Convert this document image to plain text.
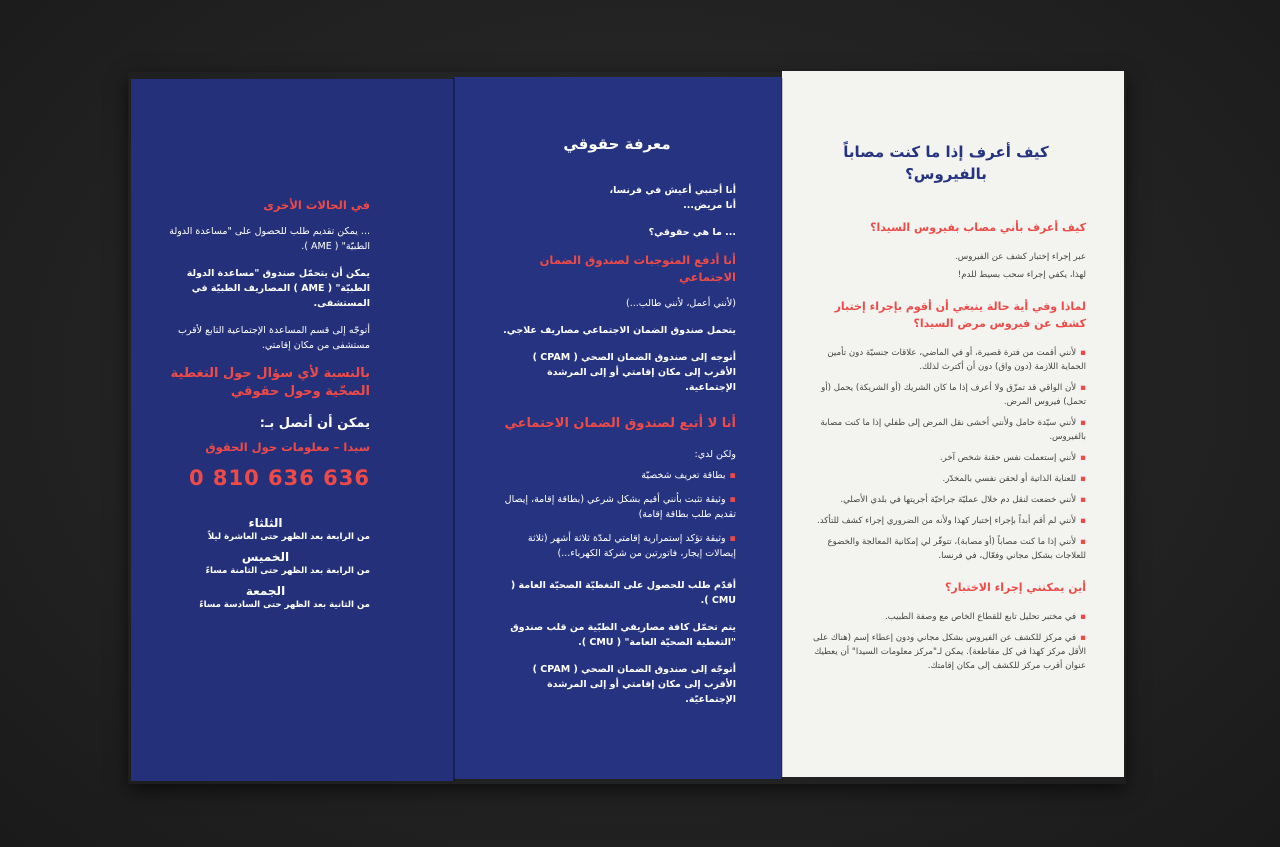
في الحالات الأخرى
... يمكن تقديم طلب للحصول على "مساعدة الدولة الطبيّة" ( AME ).
يمكن أن يتحمّل صندوق "مساعدة الدولة الطبيّة" ( AME ) المصاريف الطبيّة في المستشفى.
أتوجّه إلى قسم المساعدة الإجتماعية التابع لأقرب مستشفى من مكان إقامتي.
بالنسبة لأي سؤال حول التغطية الصحّية وحول حقوقي
يمكن أن أتصل بـ:
سيدا – معلومات حول الحقوق
0 810 636 636
الثلثاء
من الرابعة بعد الظهر حتى العاشرة ليلاً
الخميس
من الرابعة بعد الظهر حتى الثامنة مساءً
الجمعة
من الثانية بعد الظهر حتى السادسة مساءً
معرفة حقوقي
أنا أجنبي أعيش في فرنسا،
أنا مريض...
... ما هي حقوقي؟
أنا أدفع المتوجبات لصندوق الضمان الاجتماعي
(لأنني أعمل، لأنني طالب...)
يتحمل صندوق الضمان الاجتماعي مصاريف علاجي.
أتوجه إلى صندوق الضمان الصحي ( CPAM ) الأقرب إلى مكان إقامتي أو إلى المرشدة الإجتماعية.
أنا لا أتبع لصندوق الضمان الاجتماعي
ولكن لدي:
▪بطاقة تعريف شخصيّة
▪وثيقة تثبت بأنني أقيم بشكل شرعي (بطاقة إقامة، إيصال تقديم طلب بطاقة إقامة)
▪وثيقة تؤكد إستمرارية إقامتي لمدّة ثلاثة أشهر (ثلاثة إيصالات إيجار، فاتورتين من شركة الكهرباء...)
أقدّم طلب للحصول على التغطيّة الصحيّة العامة ( CMU ).
يتم تحمّل كافة مصاريفي الطبّية من قلب صندوق "التغطية الصحيّة العامة" ( CMU ).
أتوجّه إلى صندوق الضمان الصحي ( CPAM ) الأقرب إلى مكان إقامتي أو إلى المرشدة الإجتماعيّة.
كيف أعرف إذا ما كنت مصاباً
بالفيروس؟
كيف أعرف بأني مصاب بفيروس السيدا؟
عبر إجراء إختبار كشف عن الفيروس.
لهذا، يكفي إجراء سحب بسيط للدم!
لماذا وفي أية حالة ينبغي أن أقوم بإجراء إختبار كشف عن فيروس مرض السيدا؟
▪لأنني أقمت من فترة قصيرة، أو في الماضي، علاقات جنسيّة دون تأمين الحماية اللازمة (دون واق) دون أن أكترث لذلك.
▪لأن الواقي قد تمزّق ولا أعرف إذا ما كان الشريك (أو الشريكة) يحمل (أو تحمل) فيروس المرض.
▪لأنني سيّدة حامل ولأنني أخشى نقل المرض إلى طفلي إذا ما كنت مصابة بالفيروس.
▪لأنني إستعملت نفس حقنة شخص آخر.
▪للعناية الذاتية أو لحقن نفسي بالمخدّر.
▪لأنني خضعت لنقل دم خلال عمليّة جراحيّة أجريتها في بلدي الأصلي.
▪لأنني لم أقم أبداً بإجراء إختبار كهذا ولأنه من الضروري إجراء كشف للتأكد.
▪لأنني إذا ما كنت مصاباً (أو مصابة)، تتوفّر لي إمكانية المعالجة والخضوع للعلاجات بشكل مجاني وفعّال، في فرنسا.
أين يمكنني إجراء الاختبار؟
▪في مختبر تحليل تابع للقطاع الخاص مع وصفة الطبيب.
▪في مركز للكشف عن الفيروس بشكل مجاني ودون إعطاء إسم (هناك على الأقل مركز كهذا في كل مقاطعة). يمكن لـ"مركز معلومات السيدا" أن يعطيك عنوان أقرب مركز للكشف إلى مكان إقامتك.
